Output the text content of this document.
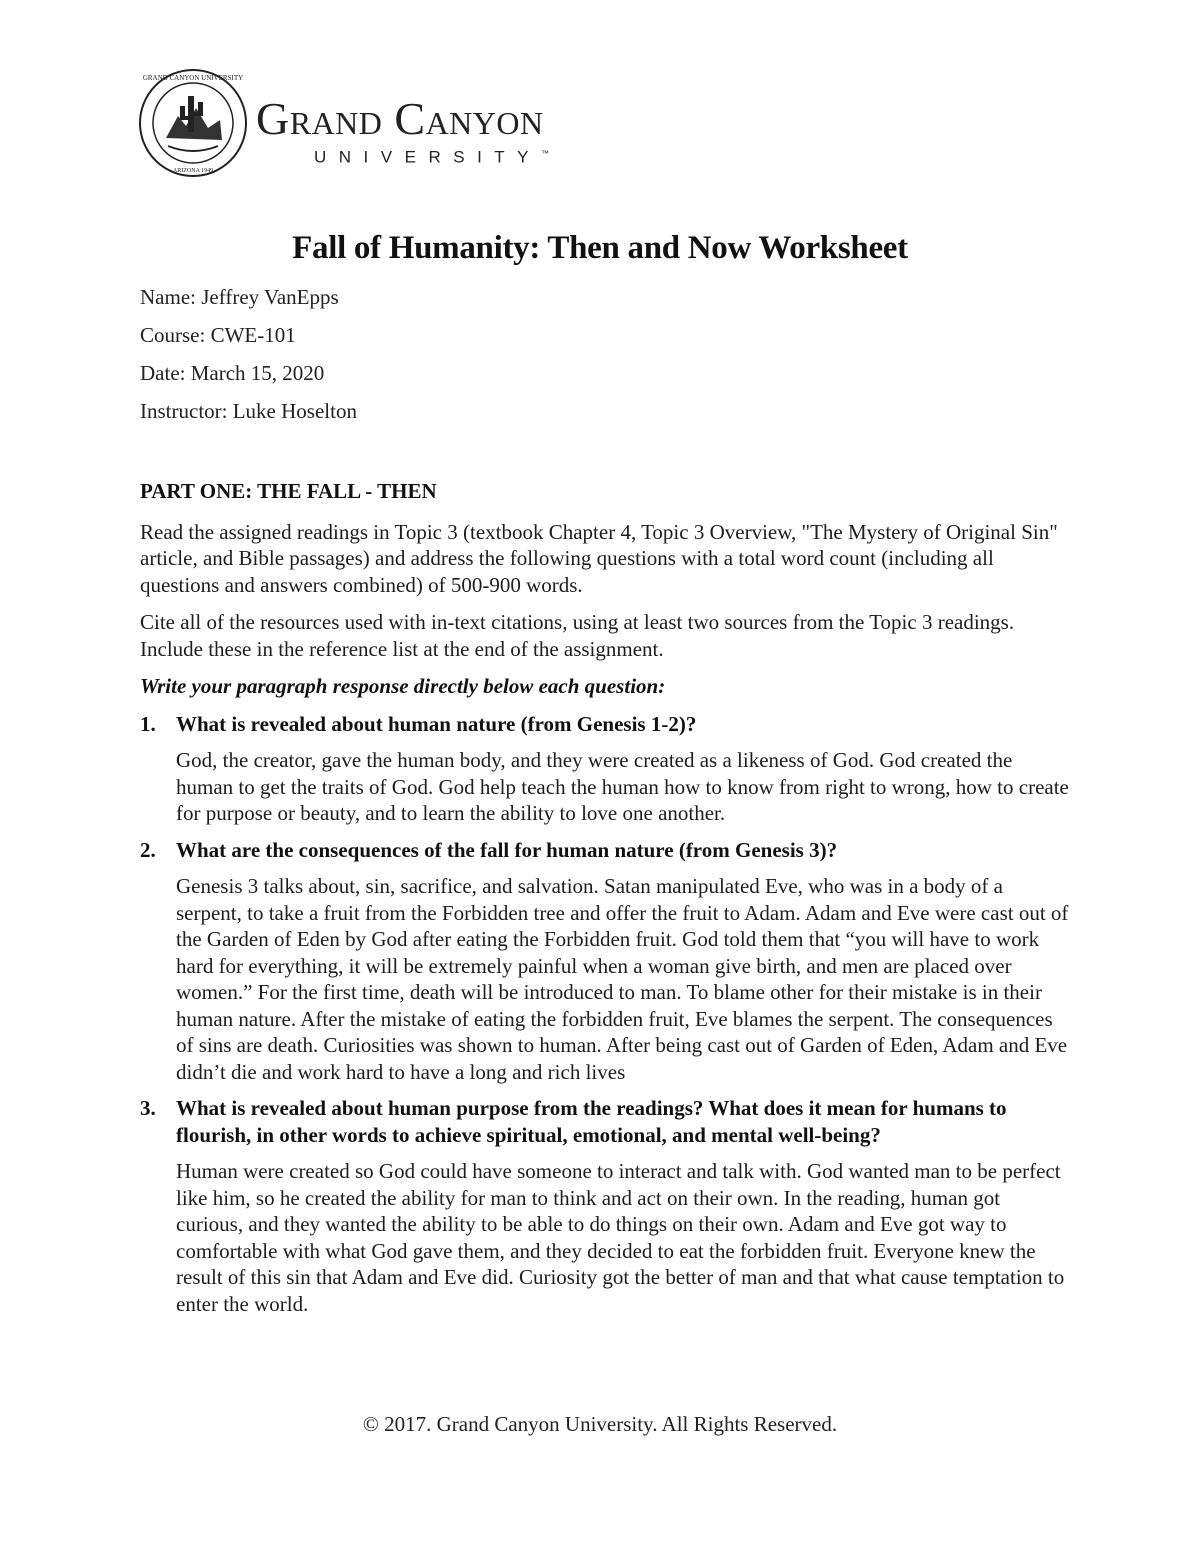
GRAND CANYON UNIVERSITY
ARIZONA 1949
Grand Canyon
UNIVERSITY™
Fall of Humanity: Then and Now Worksheet
Name: Jeffrey VanEpps
Course: CWE-101
Date: March 15, 2020
Instructor: Luke Hoselton

PART ONE: THE FALL - THEN

Read the assigned readings in Topic 3 (textbook Chapter 4, Topic 3 Overview, "The Mystery of Original Sin" article, and Bible passages) and address the following questions with a total word count (including all questions and answers combined) of 500-900 words.

Cite all of the resources used with in-text citations, using at least two sources from the Topic 3 readings. Include these in the reference list at the end of the assignment.

Write your paragraph response directly below each question:

1. What is revealed about human nature (from Genesis 1-2)?

God, the creator, gave the human body, and they were created as a likeness of God. God created the human to get the traits of God. God help teach the human how to know from right to wrong, how to create for purpose or beauty, and to learn the ability to love one another.

2. What are the consequences of the fall for human nature (from Genesis 3)?

Genesis 3 talks about, sin, sacrifice, and salvation. Satan manipulated Eve, who was in a body of a serpent, to take a fruit from the Forbidden tree and offer the fruit to Adam. Adam and Eve were cast out of the Garden of Eden by God after eating the Forbidden fruit. God told them that “you will have to work hard for everything, it will be extremely painful when a woman give birth, and men are placed over women.” For the first time, death will be introduced to man. To blame other for their mistake is in their human nature. After the mistake of eating the forbidden fruit, Eve blames the serpent. The consequences of sins are death. Curiosities was shown to human. After being cast out of Garden of Eden, Adam and Eve didn’t die and work hard to have a long and rich lives

3. What is revealed about human purpose from the readings? What does it mean for humans to flourish, in other words to achieve spiritual, emotional, and mental well-being?

Human were created so God could have someone to interact and talk with. God wanted man to be perfect like him, so he created the ability for man to think and act on their own. In the reading, human got curious, and they wanted the ability to be able to do things on their own. Adam and Eve got way to comfortable with what God gave them, and they decided to eat the forbidden fruit. Everyone knew the result of this sin that Adam and Eve did. Curiosity got the better of man and that what cause temptation to enter the world.

© 2017. Grand Canyon University. All Rights Reserved.
